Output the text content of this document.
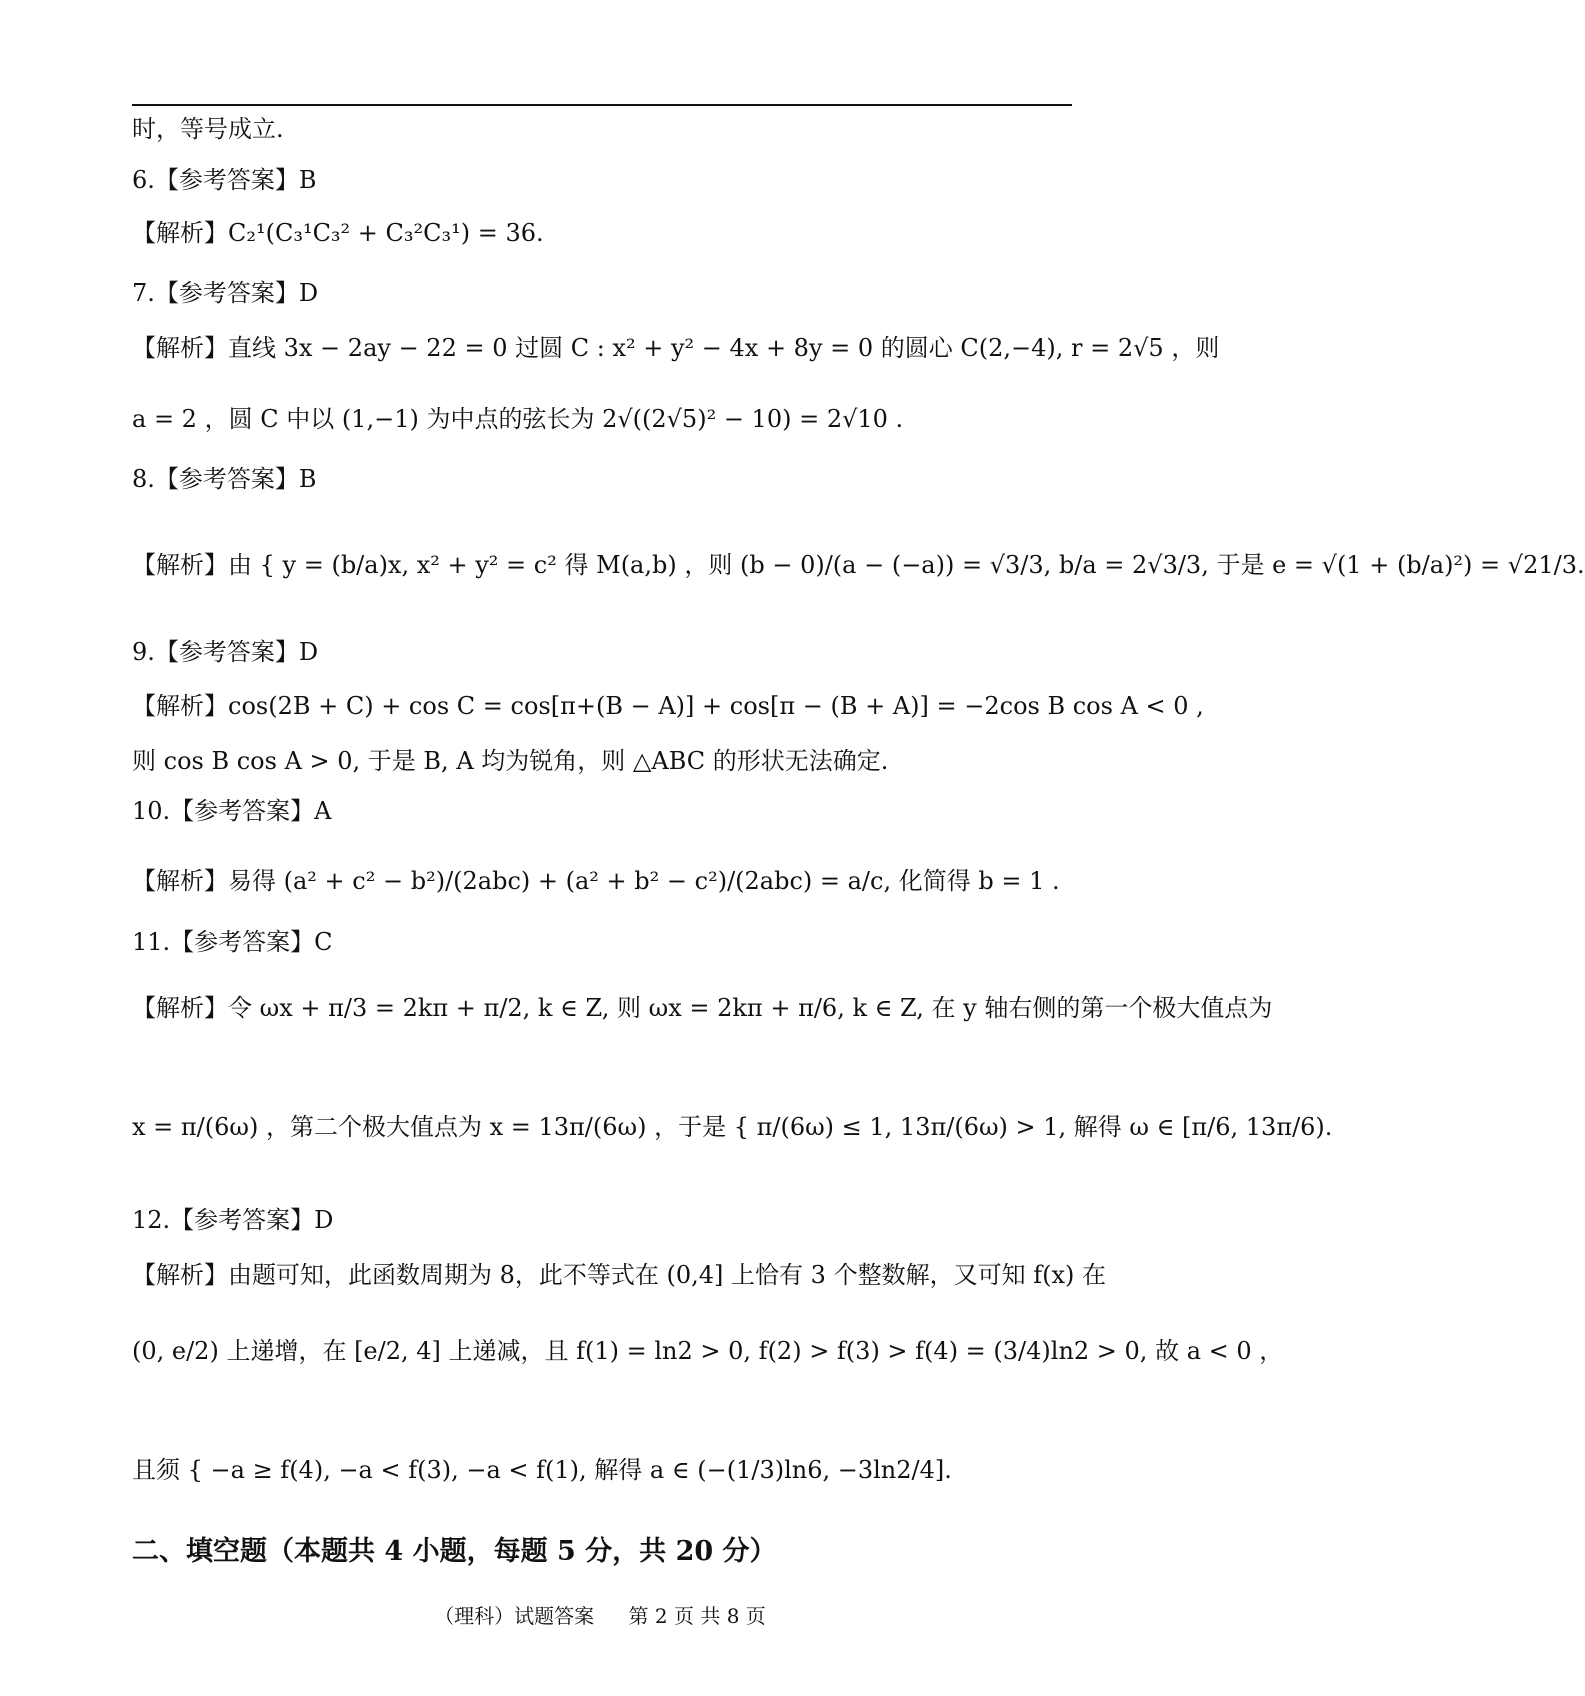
时，等号成立.
6.【参考答案】B
【解析】C₂¹(C₃¹C₃² + C₃²C₃¹) = 36.
7.【参考答案】D
【解析】直线 3x − 2ay − 22 = 0 过圆 C : x² + y² − 4x + 8y = 0 的圆心 C(2,−4), r = 2√5 ，则
a = 2 ，圆 C 中以 (1,−1) 为中点的弦长为 2√((2√5)² − 10) = 2√10 .
8.【参考答案】B
【解析】由 { y = (b/a)x, x² + y² = c² 得 M(a,b) ，则 (b − 0)/(a − (−a)) = √3/3, b/a = 2√3/3, 于是 e = √(1 + (b/a)²) = √21/3.
9.【参考答案】D
【解析】cos(2B + C) + cos C = cos[π+(B − A)] + cos[π − (B + A)] = −2cos B cos A < 0 ,
则 cos B cos A > 0, 于是 B, A 均为锐角，则 △ABC 的形状无法确定.
10.【参考答案】A
【解析】易得 (a² + c² − b²)/(2abc) + (a² + b² − c²)/(2abc) = a/c, 化简得 b = 1 .
11.【参考答案】C
【解析】令 ωx + π/3 = 2kπ + π/2, k ∈ Z, 则 ωx = 2kπ + π/6, k ∈ Z, 在 y 轴右侧的第一个极大值点为
x = π/(6ω) ，第二个极大值点为 x = 13π/(6ω) ，于是 { π/(6ω) ≤ 1, 13π/(6ω) > 1, 解得 ω ∈ [π/6, 13π/6).
12.【参考答案】D
【解析】由题可知，此函数周期为 8，此不等式在 (0,4] 上恰有 3 个整数解，又可知 f(x) 在
(0, e/2) 上递增，在 [e/2, 4] 上递减，且 f(1) = ln2 > 0, f(2) > f(3) > f(4) = (3/4)ln2 > 0, 故 a < 0 ，
且须 { −a ≥ f(4), −a < f(3), −a < f(1), 解得 a ∈ (−(1/3)ln6, −3ln2/4].
二、填空题（本题共 4 小题，每题 5 分，共 20 分）
（理科）试题答案 第 2 页 共 8 页
